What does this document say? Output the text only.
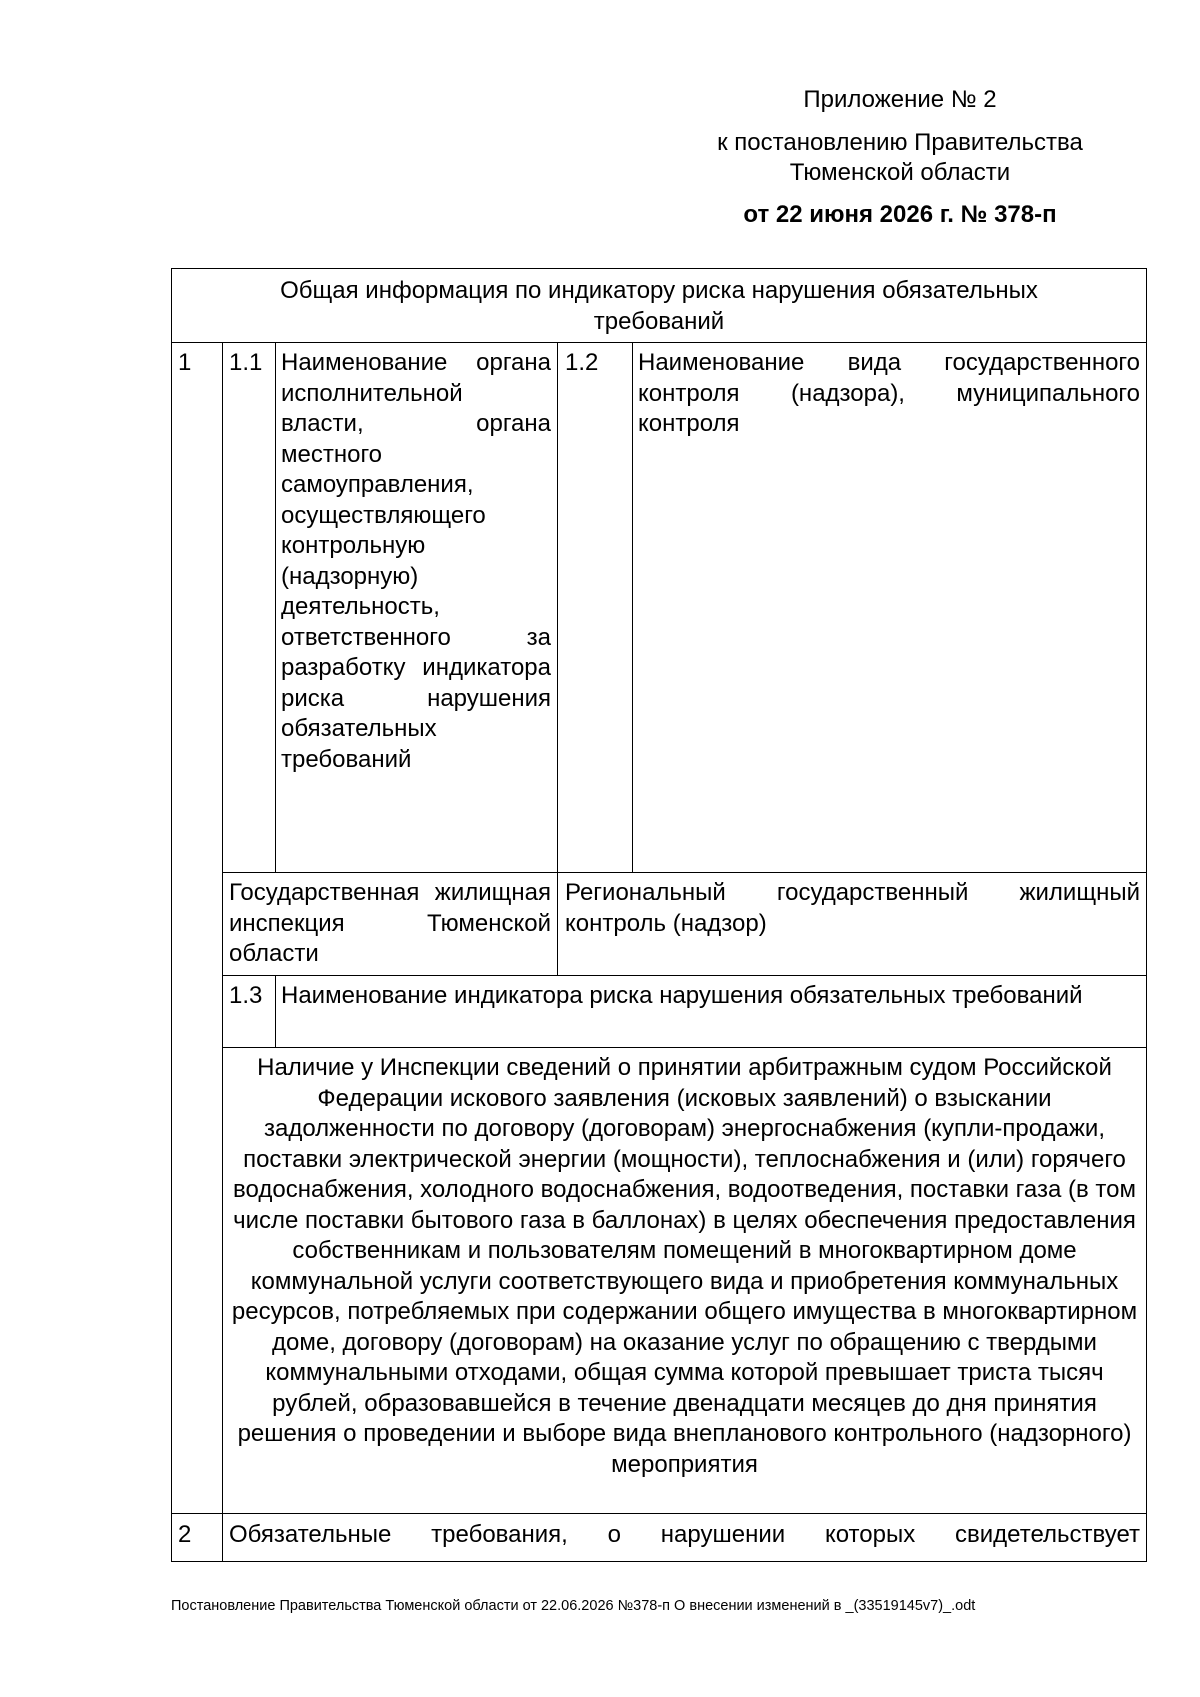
Приложение № 2
к постановлению Правительства
Тюменской области
от 22 июня 2026 г. № 378-п
Общая информация по индикатору риска нарушения обязательных требований
1 1.1 Наименование органа исполнительной власти, органа местного самоуправления, осуществляющего контрольную (надзорную) деятельность, ответственного за разработку индикатора риска нарушения обязательных требований
1.2 Наименование вида государственного контроля (надзора), муниципального контроля
Государственная жилищная инспекция Тюменской области
Региональный государственный жилищный контроль (надзор)
1.3 Наименование индикатора риска нарушения обязательных требований
Наличие у Инспекции сведений о принятии арбитражным судом Российской Федерации искового заявления (исковых заявлений) о взыскании задолженности по договору (договорам) энергоснабжения (купли-продажи, поставки электрической энергии (мощности), теплоснабжения и (или) горячего водоснабжения, холодного водоснабжения, водоотведения, поставки газа (в том числе поставки бытового газа в баллонах) в целях обеспечения предоставления собственникам и пользователям помещений в многоквартирном доме коммунальной услуги соответствующего вида и приобретения коммунальных ресурсов, потребляемых при содержании общего имущества в многоквартирном доме, договору (договорам) на оказание услуг по обращению с твердыми коммунальными отходами, общая сумма которой превышает триста тысяч рублей, образовавшейся в течение двенадцати месяцев до дня принятия решения о проведении и выборе вида внепланового контрольного (надзорного) мероприятия
2 Обязательные требования, о нарушении которых свидетельствует
Постановление Правительства Тюменской области от 22.06.2026 №378-п О внесении изменений в _(33519145v7)_.odt
